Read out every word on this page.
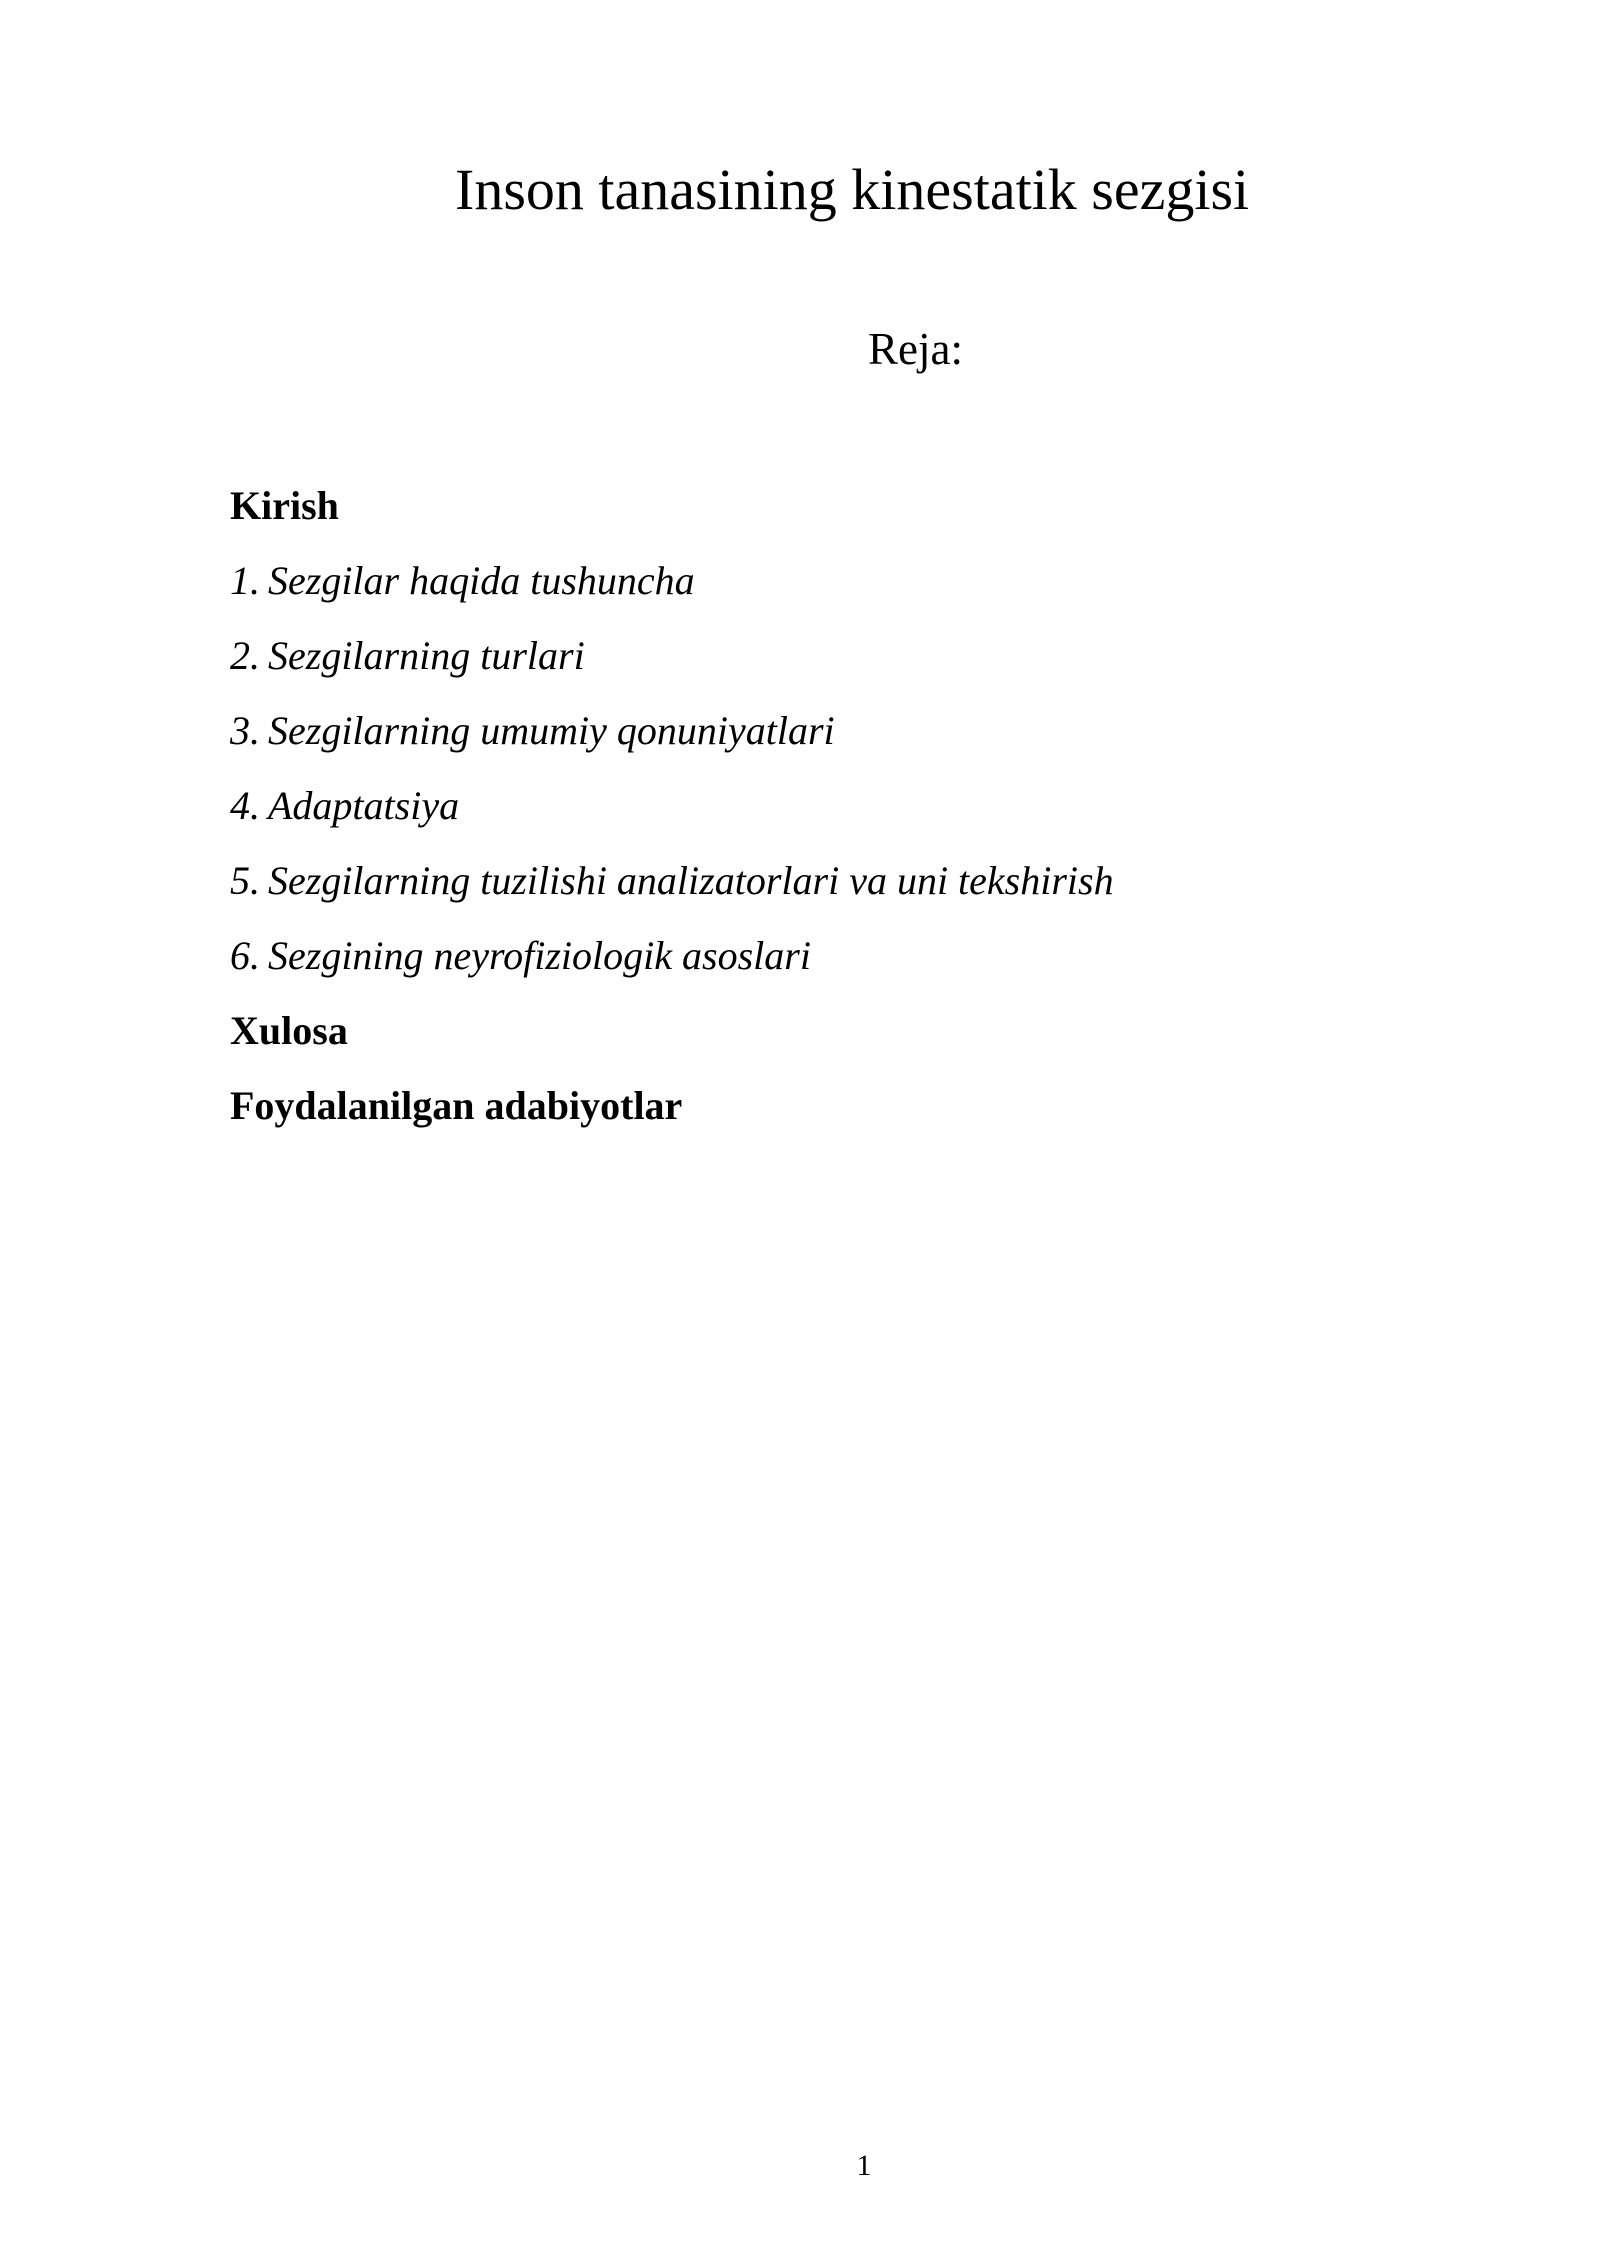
Inson tanasining kinestatik sezgisi
Reja:
Kirish
1. Sezgilar haqida tushuncha
2. Sezgilarning turlari
3. Sezgilarning umumiy qonuniyatlari
4. Adaptatsiya
5. Sezgilarning tuzilishi analizatorlari va uni tekshirish
6. Sezgining neyrofiziologik asoslari
Xulosa
Foydalanilgan adabiyotlar
1
